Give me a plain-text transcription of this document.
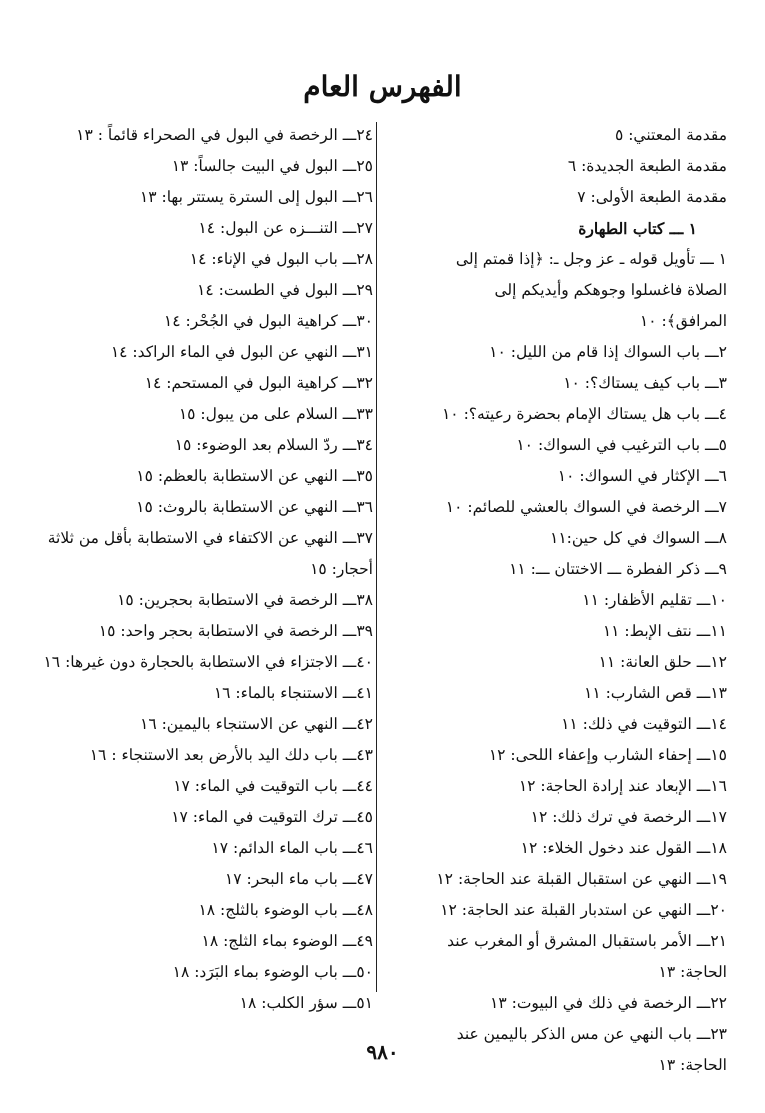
الفهرس العام
مقدمة المعتني: ٥
مقدمة الطبعة الجديدة: ٦
مقدمة الطبعة الأولى: ٧
١ ـــ كتاب الطهارة
١ ـــ تأويل قوله ـ عز وجل ـ: ﴿إذا قمتم إلى الصلاة فاغسلوا وجوهكم وأيديكم إلى المرافق﴾: ١٠
٢ـــ باب السواك إذا قام من الليل: ١٠
٣ـــ باب كيف يستاك؟: ١٠
٤ـــ باب هل يستاك الإمام بحضرة رعيته؟: ١٠
٥ـــ باب الترغيب في السواك: ١٠
٦ـــ الإكثار في السواك: ١٠
٧ـــ الرخصة في السواك بالعشي للصائم: ١٠
٨ـــ السواك في كل حين:١١
٩ـــ ذكر الفطرة ـــ الاختتان ـــ: ١١
١٠ـــ تقليم الأظفار: ١١
١١ـــ نتف الإبط: ١١
١٢ـــ حلق العانة: ١١
١٣ـــ قص الشارب: ١١
١٤ـــ التوقيت في ذلك: ١١
١٥ـــ إحفاء الشارب وإعفاء اللحى: ١٢
١٦ـــ الإبعاد عند إرادة الحاجة: ١٢
١٧ـــ الرخصة في ترك ذلك: ١٢
١٨ـــ القول عند دخول الخلاء: ١٢
١٩ـــ النهي عن استقبال القبلة عند الحاجة: ١٢
٢٠ـــ النهي عن استدبار القبلة عند الحاجة: ١٢
٢١ـــ الأمر باستقبال المشرق أو المغرب عند الحاجة: ١٣
٢٢ـــ الرخصة في ذلك في البيوت: ١٣
٢٣ـــ باب النهي عن مس الذكر باليمين عند الحاجة: ١٣
٢٤ـــ الرخصة في البول في الصحراء قائماً : ١٣
٢٥ـــ البول في البيت جالساً: ١٣
٢٦ـــ البول إلى السترة يستتر بها: ١٣
٢٧ـــ التنـــزه عن البول: ١٤
٢٨ـــ باب البول في الإناء: ١٤
٢٩ـــ البول في الطست: ١٤
٣٠ـــ كراهية البول في الجُحْر: ١٤
٣١ـــ النهي عن البول في الماء الراكد: ١٤
٣٢ـــ كراهية البول في المستحم: ١٤
٣٣ـــ السلام على من يبول: ١٥
٣٤ـــ ردّ السلام بعد الوضوء: ١٥
٣٥ـــ النهي عن الاستطابة بالعظم: ١٥
٣٦ـــ النهي عن الاستطابة بالروث: ١٥
٣٧ـــ النهي عن الاكتفاء في الاستطابة بأقل من ثلاثة أحجار: ١٥
٣٨ـــ الرخصة في الاستطابة بحجرين: ١٥
٣٩ـــ الرخصة في الاستطابة بحجر واحد: ١٥
٤٠ـــ الاجتزاء في الاستطابة بالحجارة دون غيرها: ١٦
٤١ـــ الاستنجاء بالماء: ١٦
٤٢ـــ النهي عن الاستنجاء باليمين: ١٦
٤٣ـــ باب دلك اليد بالأرض بعد الاستنجاء : ١٦
٤٤ـــ باب التوقيت في الماء: ١٧
٤٥ـــ ترك التوقيت في الماء: ١٧
٤٦ـــ باب الماء الدائم: ١٧
٤٧ـــ باب ماء البحر: ١٧
٤٨ـــ باب الوضوء بالثلج: ١٨
٤٩ـــ الوضوء بماء الثلج: ١٨
٥٠ـــ باب الوضوء بماء البَرَد: ١٨
٥١ـــ سؤر الكلب: ١٨
٩٨٠
